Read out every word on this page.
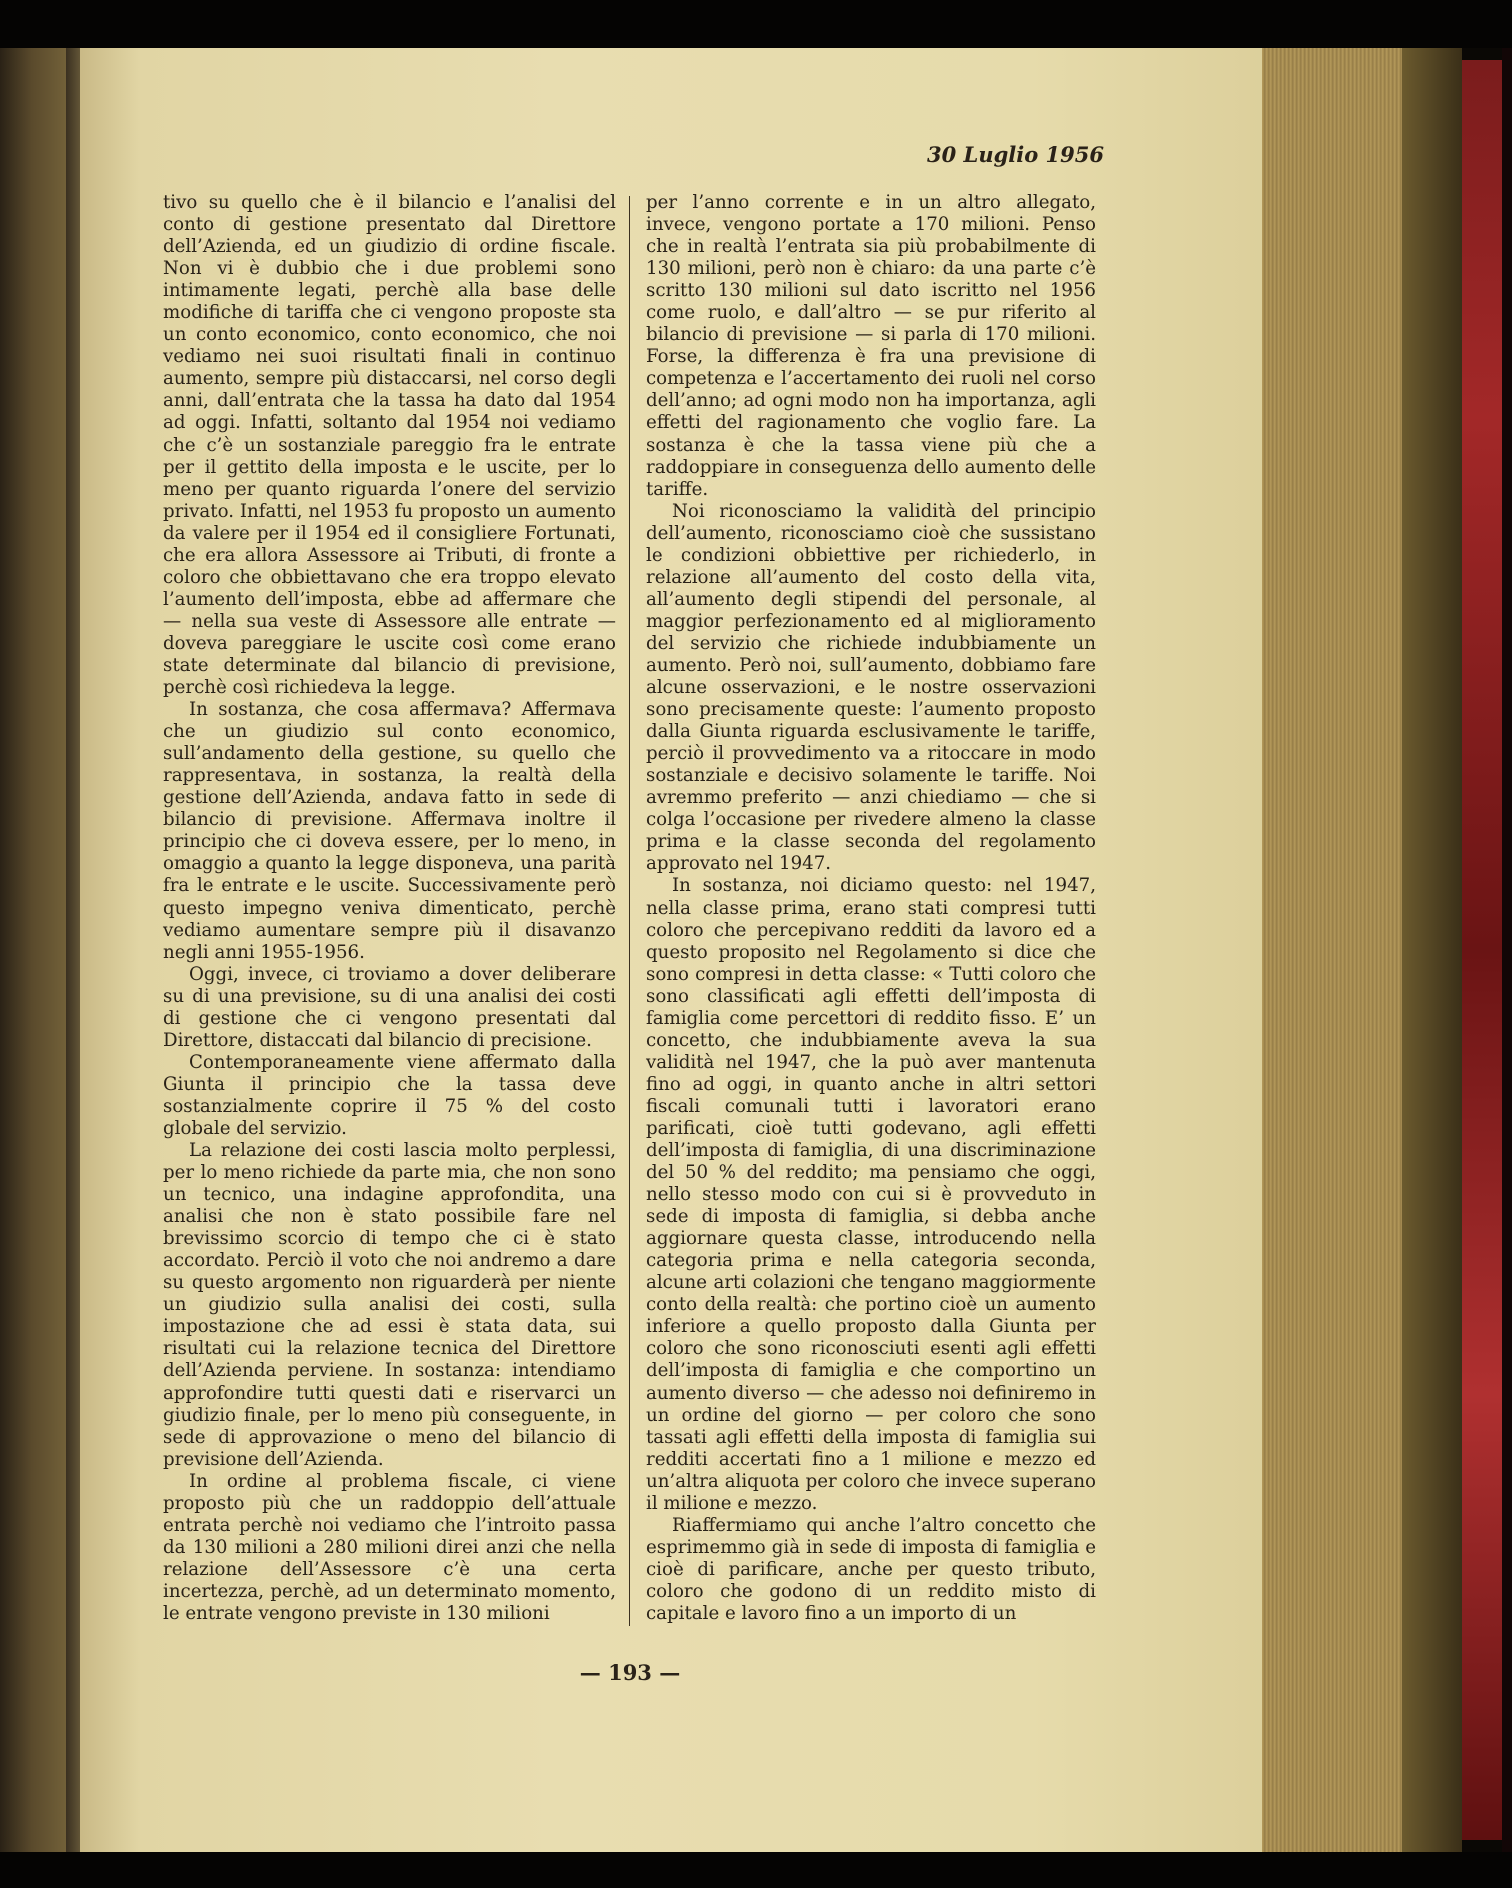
30 Luglio 1956

tivo su quello che è il bilancio e l’analisi del conto di gestione presentato dal Direttore dell’Azienda, ed un giudizio di ordine fiscale. Non vi è dubbio che i due problemi sono intimamente legati, perchè alla base delle modifiche di tariffa che ci vengono proposte sta un conto economico, conto economico, che noi vediamo nei suoi risultati finali in continuo aumento, sempre più distaccarsi, nel corso degli anni, dall’entrata che la tassa ha dato dal 1954 ad oggi. Infatti, soltanto dal 1954 noi vediamo che c’è un sostanziale pareggio fra le entrate per il gettito della imposta e le uscite, per lo meno per quanto riguarda l’onere del servizio privato. Infatti, nel 1953 fu proposto un aumento da valere per il 1954 ed il consigliere Fortunati, che era allora Assessore ai Tributi, di fronte a coloro che obbiettavano che era troppo elevato l’aumento dell’imposta, ebbe ad affermare che — nella sua veste di Assessore alle entrate — doveva pareggiare le uscite così come erano state determinate dal bilancio di previsione, perchè così richiedeva la legge.

In sostanza, che cosa affermava? Affermava che un giudizio sul conto economico, sull’andamento della gestione, su quello che rappresentava, in sostanza, la realtà della gestione dell’Azienda, andava fatto in sede di bilancio di previsione. Affermava inoltre il principio che ci doveva essere, per lo meno, in omaggio a quanto la legge disponeva, una parità fra le entrate e le uscite. Successivamente però questo impegno veniva dimenticato, perchè vediamo aumentare sempre più il disavanzo negli anni 1955-1956.

Oggi, invece, ci troviamo a dover deliberare su di una previsione, su di una analisi dei costi di gestione che ci vengono presentati dal Direttore, distaccati dal bilancio di precisione.

Contemporaneamente viene affermato dalla Giunta il principio che la tassa deve sostanzialmente coprire il 75 % del costo globale del servizio.

La relazione dei costi lascia molto perplessi, per lo meno richiede da parte mia, che non sono un tecnico, una indagine approfondita, una analisi che non è stato possibile fare nel brevissimo scorcio di tempo che ci è stato accordato. Perciò il voto che noi andremo a dare su questo argomento non riguarderà per niente un giudizio sulla analisi dei costi, sulla impostazione che ad essi è stata data, sui risultati cui la relazione tecnica del Direttore dell’Azienda perviene. In sostanza: intendiamo approfondire tutti questi dati e riservarci un giudizio finale, per lo meno più conseguente, in sede di approvazione o meno del bilancio di previsione dell’Azienda.

In ordine al problema fiscale, ci viene proposto più che un raddoppio dell’attuale entrata perchè noi vediamo che l’introito passa da 130 milioni a 280 milioni direi anzi che nella relazione dell’Assessore c’è una certa incertezza, perchè, ad un determinato momento, le entrate vengono previste in 130 milioni

per l’anno corrente e in un altro allegato, invece, vengono portate a 170 milioni. Penso che in realtà l’entrata sia più probabilmente di 130 milioni, però non è chiaro: da una parte c’è scritto 130 milioni sul dato iscritto nel 1956 come ruolo, e dall’altro — se pur riferito al bilancio di previsione — si parla di 170 milioni. Forse, la differenza è fra una previsione di competenza e l’accertamento dei ruoli nel corso dell’anno; ad ogni modo non ha importanza, agli effetti del ragionamento che voglio fare. La sostanza è che la tassa viene più che a raddoppiare in conseguenza dello aumento delle tariffe.

Noi riconosciamo la validità del principio dell’aumento, riconosciamo cioè che sussistano le condizioni obbiettive per richiederlo, in relazione all’aumento del costo della vita, all’aumento degli stipendi del personale, al maggior perfezionamento ed al miglioramento del servizio che richiede indubbiamente un aumento. Però noi, sull’aumento, dobbiamo fare alcune osservazioni, e le nostre osservazioni sono precisamente queste: l’aumento proposto dalla Giunta riguarda esclusivamente le tariffe, perciò il provvedimento va a ritoccare in modo sostanziale e decisivo solamente le tariffe. Noi avremmo preferito — anzi chiediamo — che si colga l’occasione per rivedere almeno la classe prima e la classe seconda del regolamento approvato nel 1947.

In sostanza, noi diciamo questo: nel 1947, nella classe prima, erano stati compresi tutti coloro che percepivano redditi da lavoro ed a questo proposito nel Regolamento si dice che sono compresi in detta classe: « Tutti coloro che sono classificati agli effetti dell’imposta di famiglia come percettori di reddito fisso. E’ un concetto, che indubbiamente aveva la sua validità nel 1947, che la può aver mantenuta fino ad oggi, in quanto anche in altri settori fiscali comunali tutti i lavoratori erano parificati, cioè tutti godevano, agli effetti dell’imposta di famiglia, di una discriminazione del 50 % del reddito; ma pensiamo che oggi, nello stesso modo con cui si è provveduto in sede di imposta di famiglia, si debba anche aggiornare questa classe, introducendo nella categoria prima e nella categoria seconda, alcune arti colazioni che tengano maggiormente conto della realtà: che portino cioè un aumento inferiore a quello proposto dalla Giunta per coloro che sono riconosciuti esenti agli effetti dell’imposta di famiglia e che comportino un aumento diverso — che adesso noi definiremo in un ordine del giorno — per coloro che sono tassati agli effetti della imposta di famiglia sui redditi accertati fino a 1 milione e mezzo ed un’altra aliquota per coloro che invece superano il milione e mezzo.

Riaffermiamo qui anche l’altro concetto che esprimemmo già in sede di imposta di famiglia e cioè di parificare, anche per questo tributo, coloro che godono di un reddito misto di capitale e lavoro fino a un importo di un

— 193 —
